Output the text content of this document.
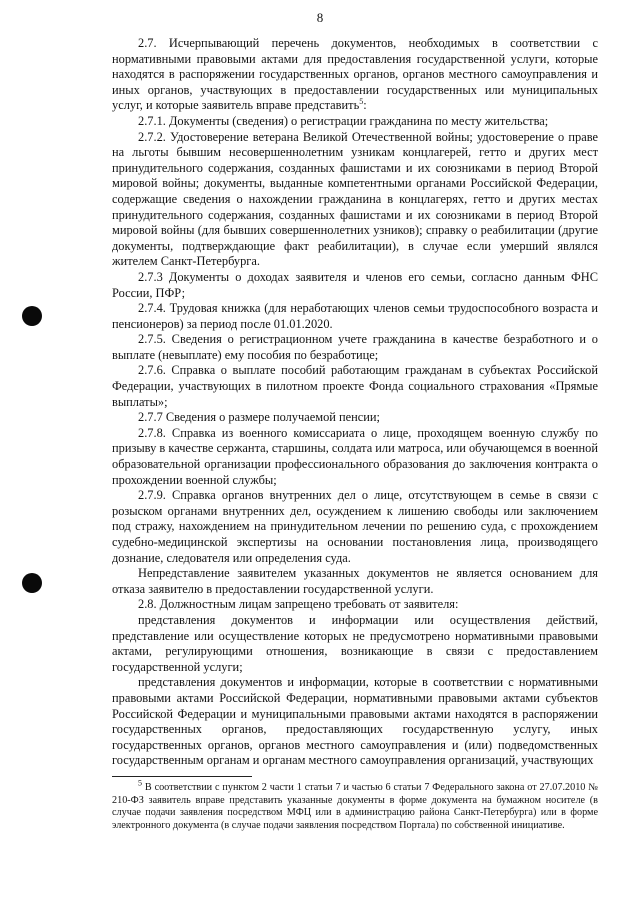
8

2.7. Исчерпывающий перечень документов, необходимых в соответствии с нормативными правовыми актами для предоставления государственной услуги, которые находятся в распоряжении государственных органов, органов местного самоуправления и иных органов, участвующих в предоставлении государственных или муниципальных услуг, и которые заявитель вправе представить$^5$:

2.7.1. Документы (сведения) о регистрации гражданина по месту жительства;

2.7.2. Удостоверение ветерана Великой Отечественной войны; удостоверение о праве на льготы бывшим несовершеннолетним узникам концлагерей, гетто и других мест принудительного содержания, созданных фашистами и их союзниками в период Второй мировой войны; документы, выданные компетентными органами Российской Федерации, содержащие сведения о нахождении гражданина в концлагерях, гетто и других местах принудительного содержания, созданных фашистами и их союзниками в период Второй мировой войны (для бывших совершеннолетних узников); справку о реабилитации (другие документы, подтверждающие факт реабилитации), в случае если умерший являлся жителем Санкт-Петербурга.

2.7.3 Документы о доходах заявителя и членов его семьи, согласно данным ФНС России, ПФР;

2.7.4. Трудовая книжка (для неработающих членов семьи трудоспособного возраста и пенсионеров) за период после 01.01.2020.

2.7.5. Сведения о регистрационном учете гражданина в качестве безработного и о выплате (невыплате) ему пособия по безработице;

2.7.6. Справка о выплате пособий работающим гражданам в субъектах Российской Федерации, участвующих в пилотном проекте Фонда социального страхования «Прямые выплаты»;

2.7.7 Сведения о размере получаемой пенсии;

2.7.8. Справка из военного комиссариата о лице, проходящем военную службу по призыву в качестве сержанта, старшины, солдата или матроса, или обучающемся в военной образовательной организации профессионального образования до заключения контракта о прохождении военной службы;

2.7.9. Справка органов внутренних дел о лице, отсутствующем в семье в связи с розыском органами внутренних дел, осуждением к лишению свободы или заключением под стражу, нахождением на принудительном лечении по решению суда, с прохождением судебно-медицинской экспертизы на основании постановления лица, производящего дознание, следователя или определения суда.

Непредставление заявителем указанных документов не является основанием для отказа заявителю в предоставлении государственной услуги.

2.8. Должностным лицам запрещено требовать от заявителя:

представления документов и информации или осуществления действий, представление или осуществление которых не предусмотрено нормативными правовыми актами, регулирующими отношения, возникающие в связи с предоставлением государственной услуги;

представления документов и информации, которые в соответствии с нормативными правовыми актами Российской Федерации, нормативными правовыми актами субъектов Российской Федерации и муниципальными правовыми актами находятся в распоряжении государственных органов, предоставляющих государственную услугу, иных государственных органов, органов местного самоуправления и (или) подведомственных государственным органам и органам местного самоуправления организаций, участвующих

$^5$ В соответствии с пунктом 2 части 1 статьи 7 и частью 6 статьи 7 Федерального закона от 27.07.2010 № 210-ФЗ заявитель вправе представить указанные документы в форме документа на бумажном носителе (в случае подачи заявления посредством МФЦ или в администрацию района Санкт-Петербурга) или в форме электронного документа (в случае подачи заявления посредством Портала) по собственной инициативе.
